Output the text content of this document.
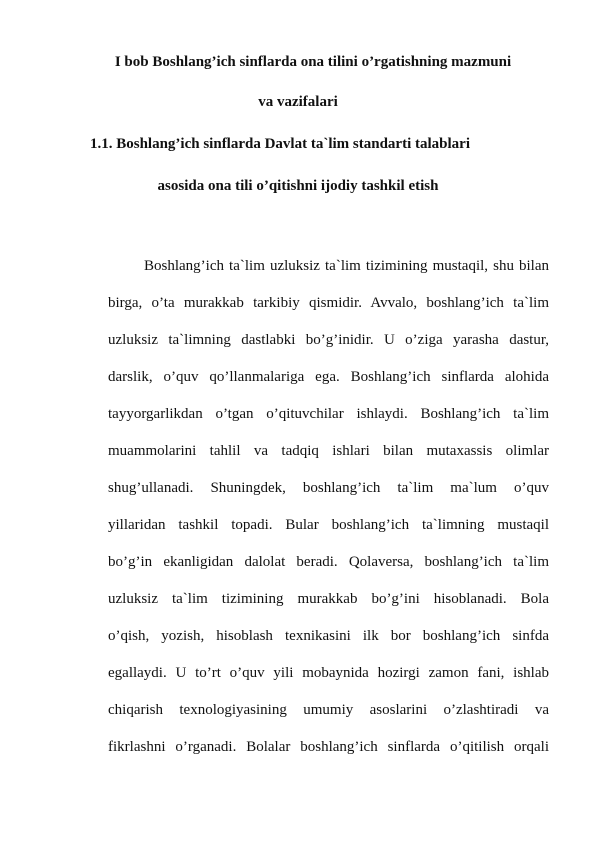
I bob Boshlang’ich sinflarda ona tilini o’rgatishning mazmuni
va vazifalari
1.1. Boshlang’ich sinflarda Davlat ta`lim standarti talablari
asosida ona tili o’qitishni ijodiy tashkil etish
Boshlang’ich ta`lim uzluksiz ta`lim tizimining mustaqil, shu bilan
birga, o’ta murakkab tarkibiy qismidir. Avvalo, boshlang’ich ta`lim
uzluksiz ta`limning dastlabki bo’g’inidir. U o’ziga yarasha dastur,
darslik, o’quv qo’llanmalariga ega. Boshlang’ich sinflarda alohida
tayyorgarlikdan o’tgan o’qituvchilar ishlaydi. Boshlang’ich ta`lim
muammolarini tahlil va tadqiq ishlari bilan mutaxassis olimlar
shug’ullanadi. Shuningdek, boshlang’ich ta`lim ma`lum o’quv
yillaridan tashkil topadi. Bular boshlang’ich ta`limning mustaqil
bo’g’in ekanligidan dalolat beradi. Qolaversa, boshlang’ich ta`lim
uzluksiz ta`lim tizimining murakkab bo’g’ini hisoblanadi. Bola
o’qish, yozish, hisoblash texnikasini ilk bor boshlang’ich sinfda
egallaydi. U to’rt o’quv yili mobaynida hozirgi zamon fani, ishlab
chiqarish texnologiyasining umumiy asoslarini o’zlashtiradi va
fikrlashni o’rganadi. Bolalar boshlang’ich sinflarda o’qitilish orqali
